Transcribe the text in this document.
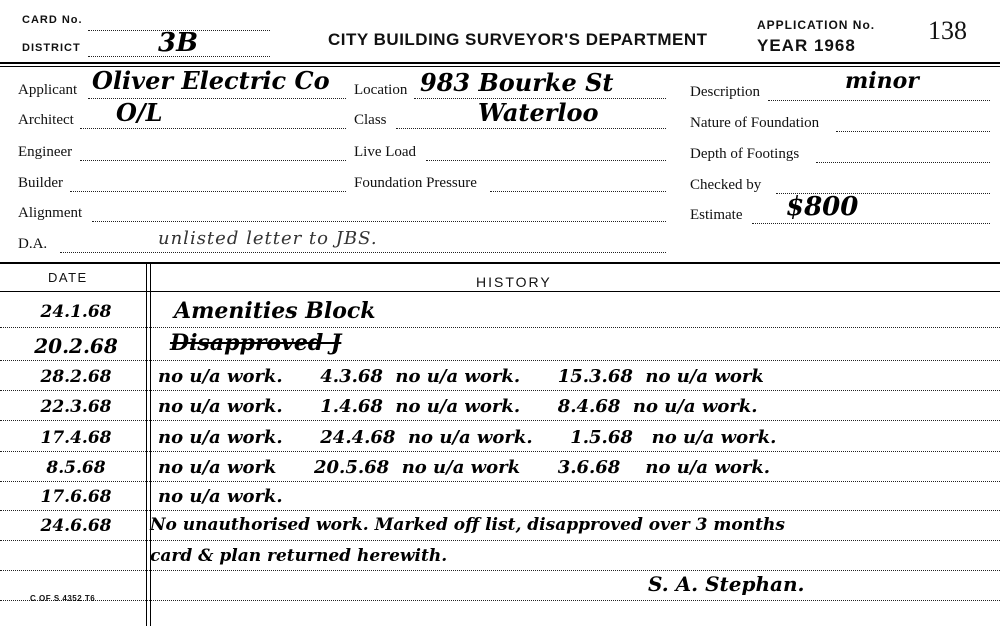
CARD No.
DISTRICT	3B	CITY BUILDING SURVEYOR'S DEPARTMENT
APPLICATION No. 138
YEAR 1968
Applicant Oliver Electric Co
Architect O/L
Engineer
Builder
Alignment
D.A.	unlisted letter to JBS.
Location 983 Bourke St
Class	Waterloo
Live Load
Foundation Pressure
Description	minor
Nature of Foundation
Depth of Footings
Checked by
Estimate $800
DATE	HISTORY
24.1.68	Amenities Block
20.2.68	Disapproved J
28.2.68	no u/a work.      4.3.68  no u/a work.      15.3.68  no u/a work
22.3.68	no u/a work.      1.4.68  no u/a work.      8.4.68  no u/a work.
17.4.68	no u/a work.      24.4.68  no u/a work.      1.5.68   no u/a work.
8.5.68	no u/a work      20.5.68  no u/a work      3.6.68    no u/a work.
17.6.68	no u/a work.
24.6.68	No unauthorised work. Marked off list, disapproved over 3 months
card & plan returned herewith.
S. A. Stephan.
C OF S 4352 T6
